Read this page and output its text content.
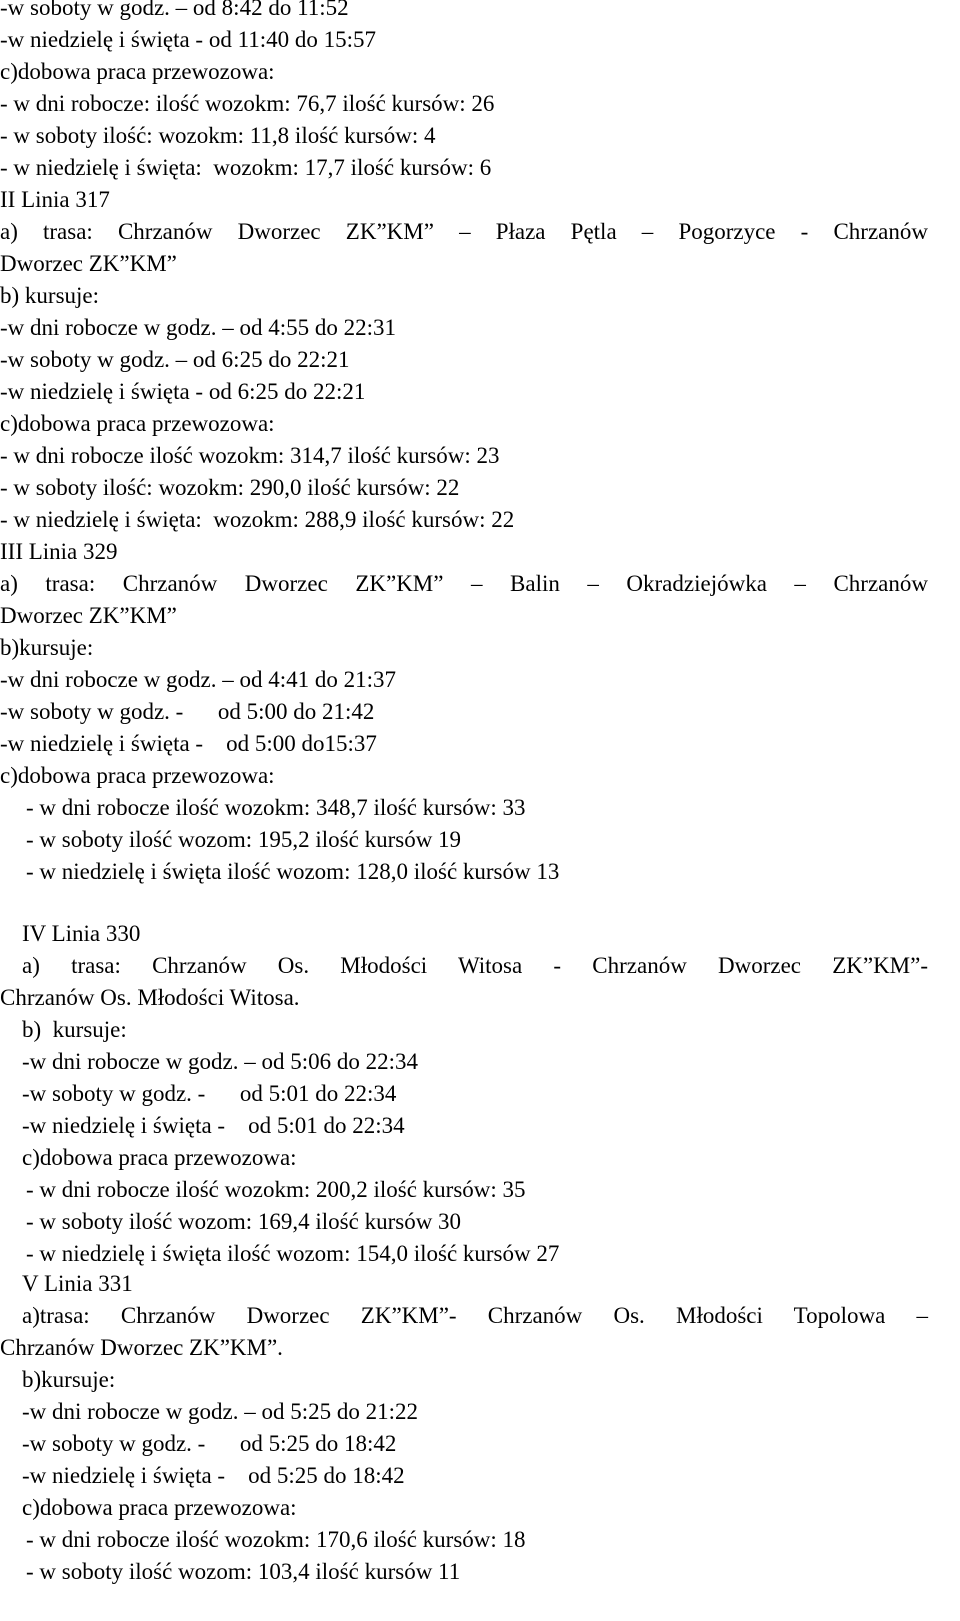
-w soboty w godz. – od 8:42 do 11:52
-w niedzielę i święta - od 11:40 do 15:57
c)dobowa praca przewozowa:
- w dni robocze: ilość wozokm: 76,7 ilość kursów: 26
- w soboty ilość: wozokm: 11,8 ilość kursów: 4
- w niedzielę i święta:  wozokm: 17,7 ilość kursów: 6
II Linia 317
a) trasa: Chrzanów Dworzec ZK”KM” – Płaza Pętla – Pogorzyce - Chrzanów
Dworzec ZK”KM”
b) kursuje:
-w dni robocze w godz. – od 4:55 do 22:31
-w soboty w godz. – od 6:25 do 22:21
-w niedzielę i święta - od 6:25 do 22:21
c)dobowa praca przewozowa:
- w dni robocze ilość wozokm: 314,7 ilość kursów: 23
- w soboty ilość: wozokm: 290,0 ilość kursów: 22
- w niedzielę i święta:  wozokm: 288,9 ilość kursów: 22
III Linia 329
a) trasa: Chrzanów Dworzec ZK”KM” – Balin – Okradziejówka – Chrzanów
Dworzec ZK”KM”
b)kursuje:
-w dni robocze w godz. – od 4:41 do 21:37
-w soboty w godz. -      od 5:00 do 21:42
-w niedzielę i święta -    od 5:00 do15:37
c)dobowa praca przewozowa:
- w dni robocze ilość wozokm: 348,7 ilość kursów: 33
- w soboty ilość wozom: 195,2 ilość kursów 19
- w niedzielę i święta ilość wozom: 128,0 ilość kursów 13
IV Linia 330
a) trasa: Chrzanów Os. Młodości Witosa - Chrzanów Dworzec ZK”KM”-
Chrzanów Os. Młodości Witosa.
b)  kursuje:
-w dni robocze w godz. – od 5:06 do 22:34
-w soboty w godz. -      od 5:01 do 22:34
-w niedzielę i święta -    od 5:01 do 22:34
c)dobowa praca przewozowa:
- w dni robocze ilość wozokm: 200,2 ilość kursów: 35
- w soboty ilość wozom: 169,4 ilość kursów 30
- w niedzielę i święta ilość wozom: 154,0 ilość kursów 27
V Linia 331
a)trasa: Chrzanów Dworzec ZK”KM”- Chrzanów Os. Młodości Topolowa –
Chrzanów Dworzec ZK”KM”.
b)kursuje:
-w dni robocze w godz. – od 5:25 do 21:22
-w soboty w godz. -      od 5:25 do 18:42
-w niedzielę i święta -    od 5:25 do 18:42
c)dobowa praca przewozowa:
- w dni robocze ilość wozokm: 170,6 ilość kursów: 18
- w soboty ilość wozom: 103,4 ilość kursów 11
